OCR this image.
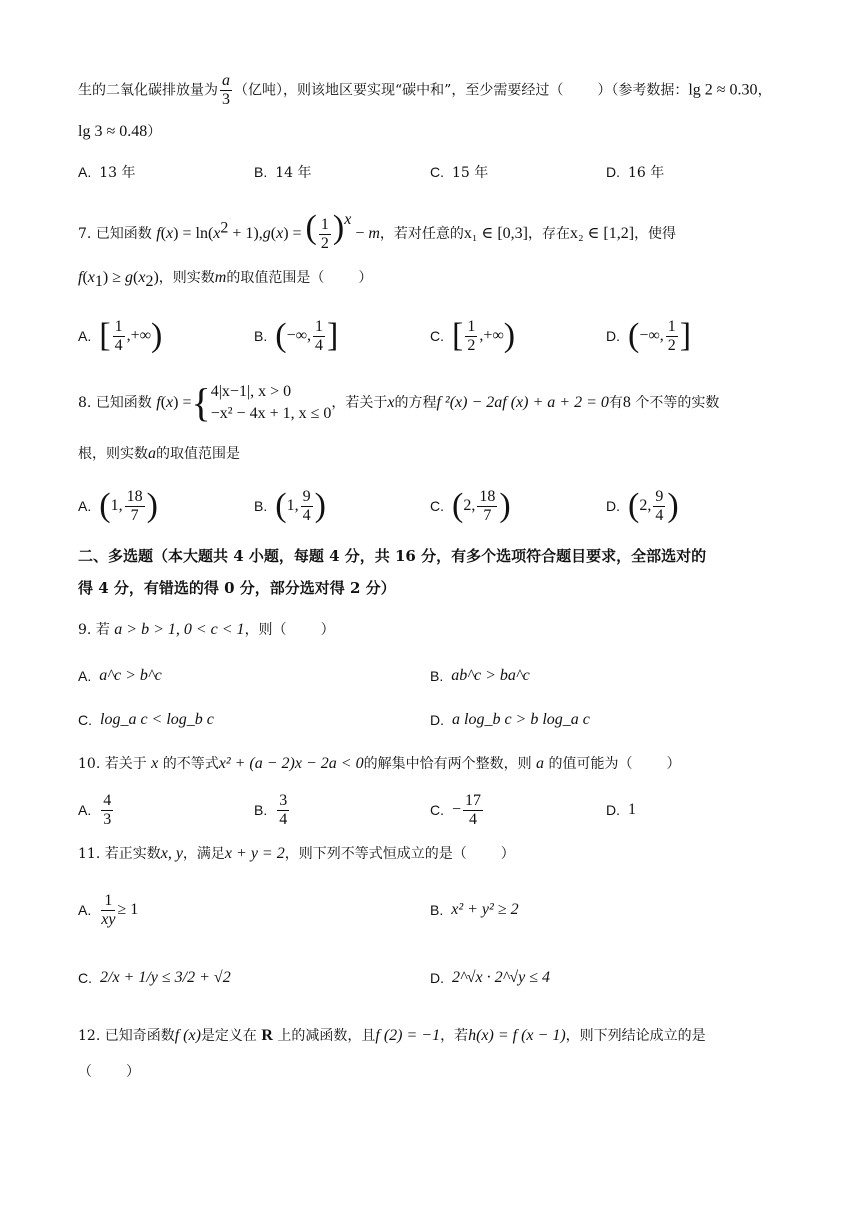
生的二氧化碳排放量为 $\frac{a}{3}$ （亿吨），则该地区要实现“碳中和”，至少需要经过（ ）（参考数据：lg 2 ≈ 0.30，
lg 3 ≈ 0.48）
A. 13 年	B. 14 年	C. 15 年	D. 16 年
7. 已知函数 $f(x) = \ln(x^2 + 1),g(x)$ = ( $\frac{1}{2} )^x - m$，若对任意的x₁ ∈ [0,3]，存在x₂ ∈ [1,2]，使得
$f(x_1) \ge g(x_2)$，则实数m的取值范围是（ ）
A. [ $\frac{1}{4}$ ,+∞ )	B. ( −∞, $\frac{1}{4}$ ]	C. [ $\frac{1}{2}$ ,+∞ )	D. ( −∞, $\frac{1}{2}$ ]
8.
已知函数
f ( x ) = { 4|x−1|, x > 0
−x² − 4x + 1, x ≤ 0
，若关于 x 的方程 f ²(x) − 2af (x) + a + 2 = 0 有 8
个不等的实数
根，则实数a的取值范围是
A. ( 1, $\frac{18}{7}$ )	B. ( 1, $\frac{9}{4}$ )	C. ( 2, $\frac{18}{7}$ )	D. ( 2, $\frac{9}{4}$ )
二、多选题（本大题共 4 小题，每题 4 分，共 16 分，有多个选项符合题目要求，全部选对的
得 4 分，有错选的得 0 分，部分选对得 2 分）
9. 若 a > b > 1, 0 < c < 1，则（ ）
A. a^c > b^c	B. ab^c > ba^c
C. log_a c < log_b c	D. a log_b c > b log_a c
10. 若关于 x 的不等式x² + (a − 2)x − 2a < 0的解集中恰有两个整数，则 a 的值可能为（ ）
A. $\frac{4}{3}$	B. $\frac{3}{4}$	C. − $\frac{17}{4}$	D. 1
11. 若正实数x, y，满足x + y = 2，则下列不等式恒成立的是（ ）
A. $\frac{1}{xy} \ge 1$	B. x² + y² ≥ 2
C. 2/x + 1/y ≤ 3/2 + √2	D. 2^√x · 2^√y ≤ 4
12. 已知奇函数f (x)是定义在 R 上的减函数，且f (2) = −1，若h(x) = f (x − 1)，则下列结论成立的是
（ ）
